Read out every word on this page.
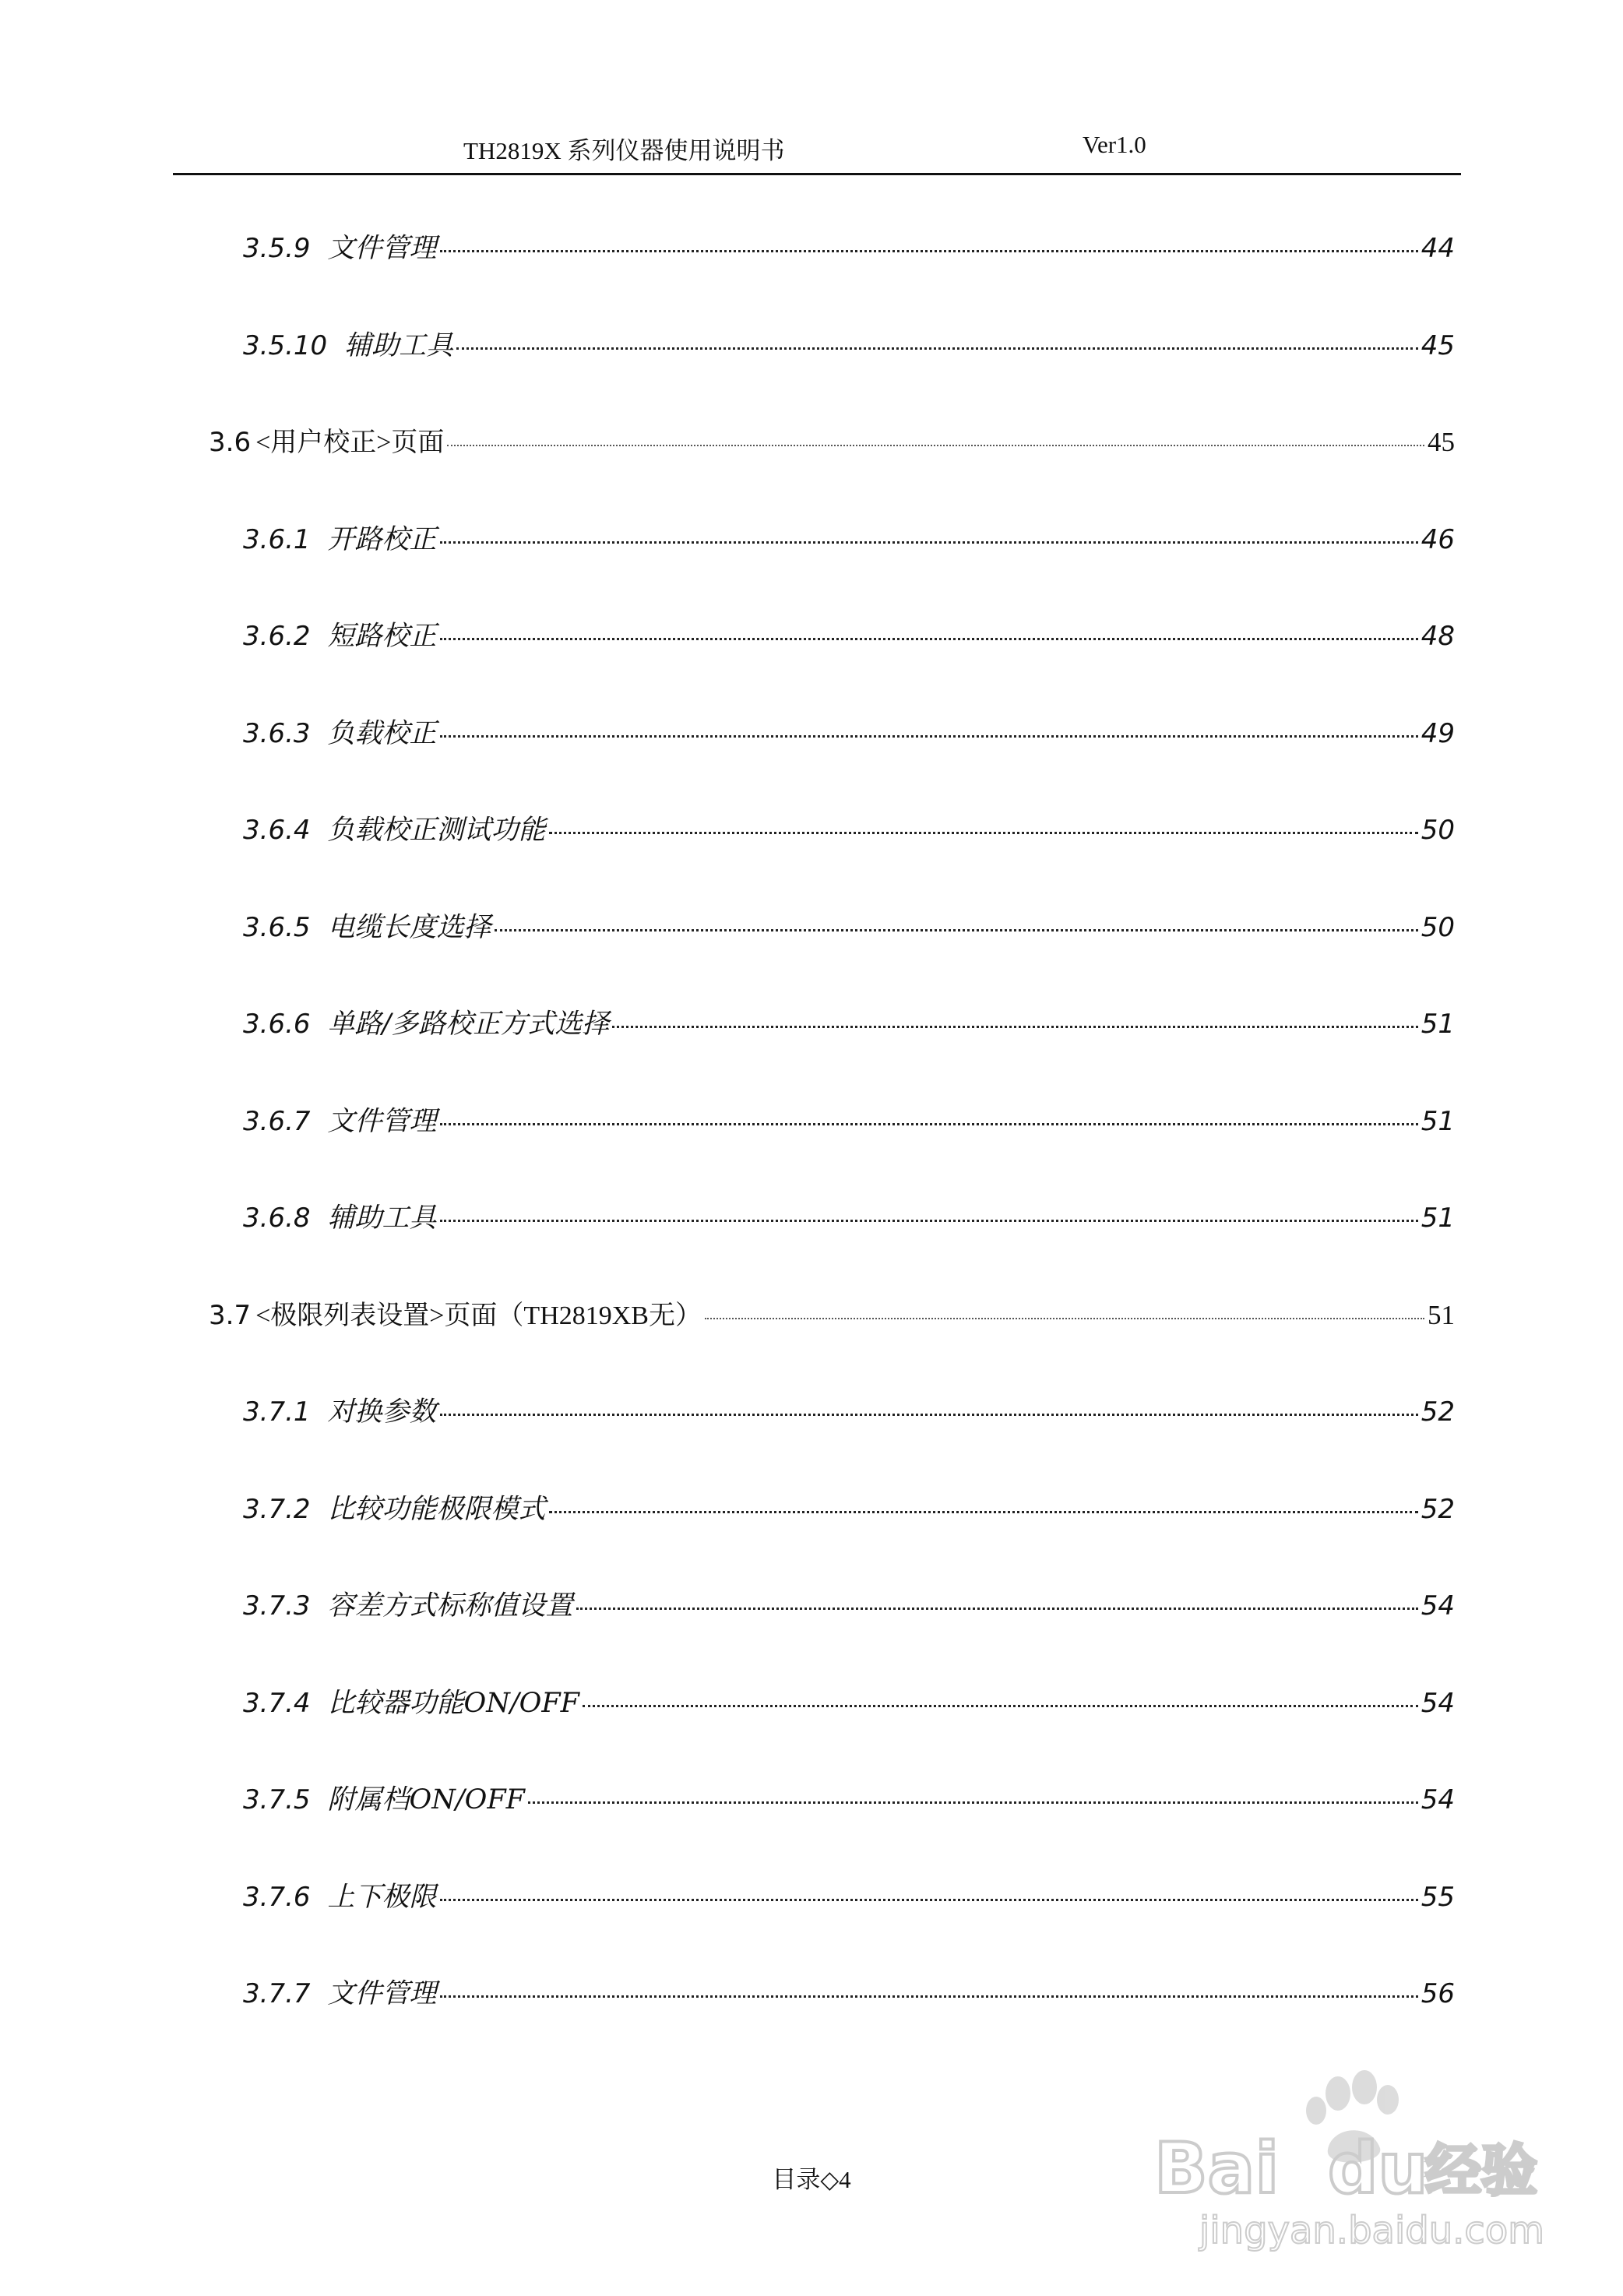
TH2819X 系列仪器使用说明书	Ver1.0
3.5.9 文件管理	44
3.5.10 辅助工具	45
3.6 <用户校正>页面	45
3.6.1 开路校正	46
3.6.2 短路校正	48
3.6.3 负载校正	49
3.6.4 负载校正测试功能	50
3.6.5 电缆长度选择	50
3.6.6 单路/多路校正方式选择	51
3.6.7 文件管理	51
3.6.8 辅助工具	51
3.7 <极限列表设置>页面（TH2819XB无）	51
3.7.1 对换参数	52
3.7.2 比较功能极限模式	52
3.7.3 容差方式标称值设置	54
3.7.4 比较器功能ON/OFF	54
3.7.5 附属档ON/OFF	54
3.7.6 上下极限	55
3.7.7 文件管理	56
目录◇4	Bai du
经验
jingyan.baidu.com
